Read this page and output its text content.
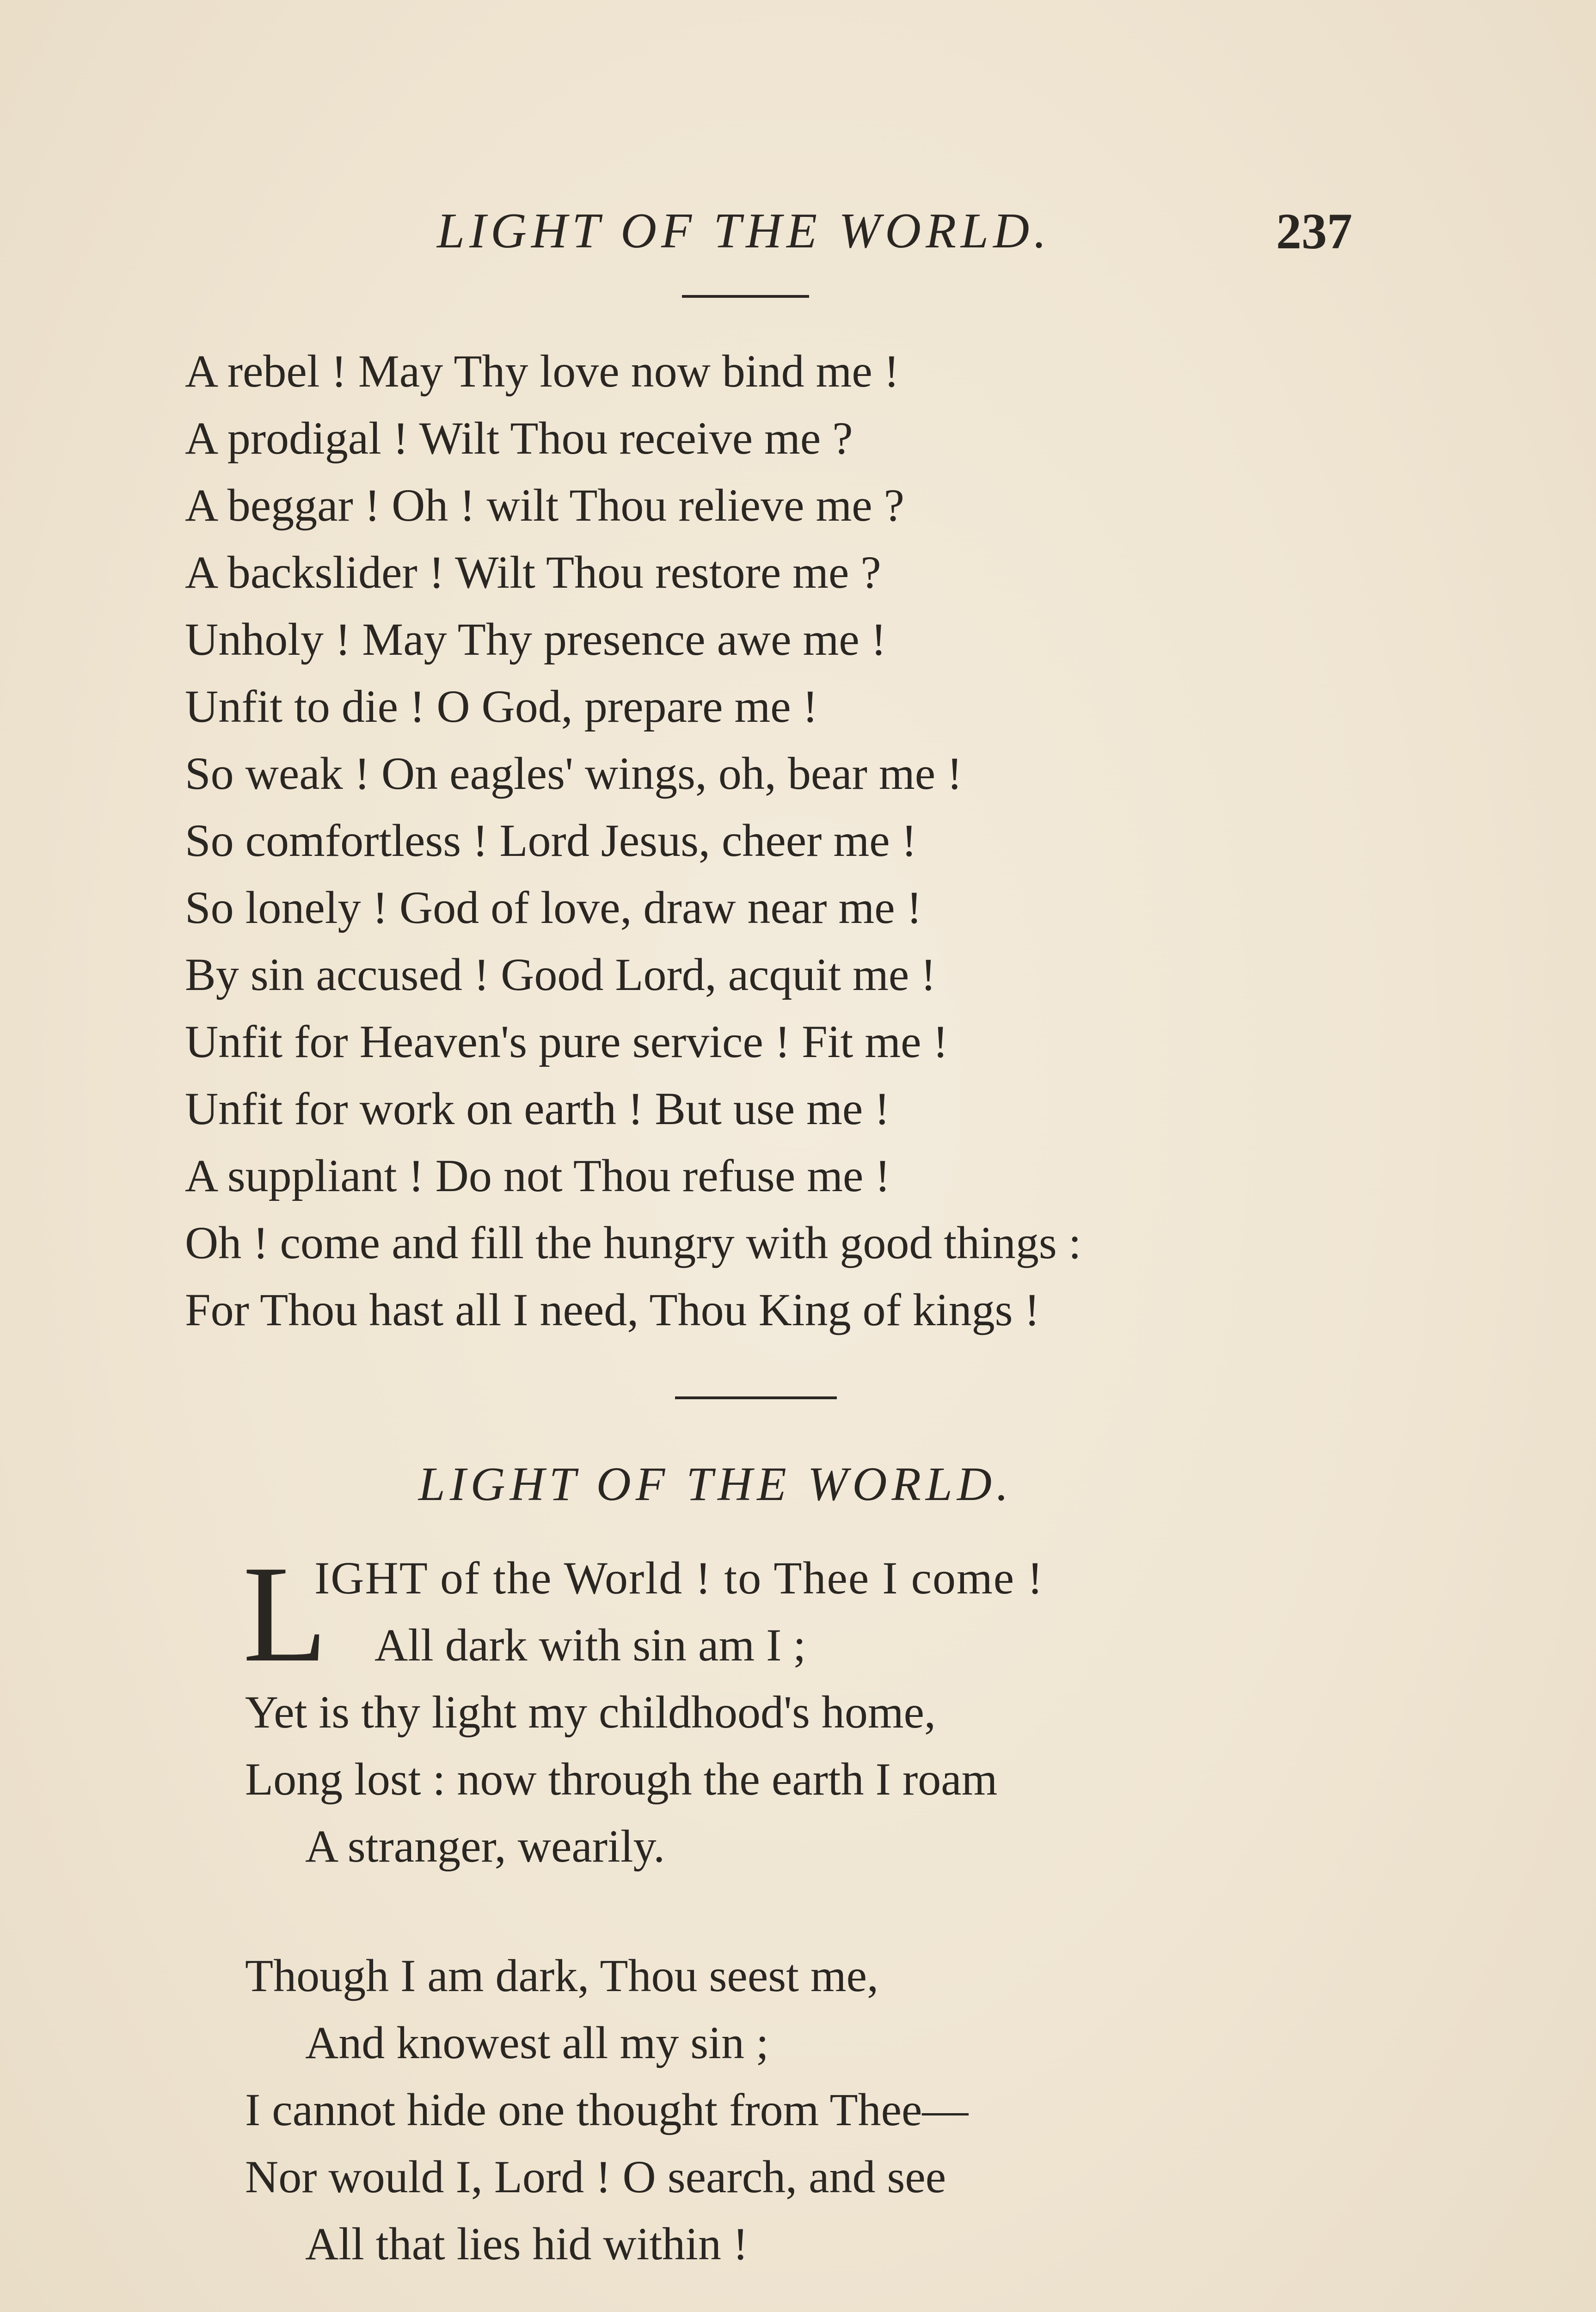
LIGHT OF THE WORLD.	237
A rebel ! May Thy love now bind me !
A prodigal ! Wilt Thou receive me ?
A beggar ! Oh ! wilt Thou relieve me ?
A backslider ! Wilt Thou restore me ?
Unholy ! May Thy presence awe me !
Unfit to die ! O God, prepare me !
So weak ! On eagles' wings, oh, bear me !
So comfortless ! Lord Jesus, cheer me !
So lonely ! God of love, draw near me !
By sin accused ! Good Lord, acquit me !
Unfit for Heaven's pure service ! Fit me !
Unfit for work on earth ! But use me !
A suppliant ! Do not Thou refuse me !
Oh ! come and fill the hungry with good things :
For Thou hast all I need, Thou King of kings !
LIGHT OF THE WORLD.
L
IGHT of the World ! to Thee I come !
All dark with sin am I ;
Yet is thy light my childhood's home,
Long lost : now through the earth I roam
A stranger, wearily.
Though I am dark, Thou seest me,
And knowest all my sin ;
I cannot hide one thought from Thee—
Nor would I, Lord ! O search, and see
All that lies hid within !
